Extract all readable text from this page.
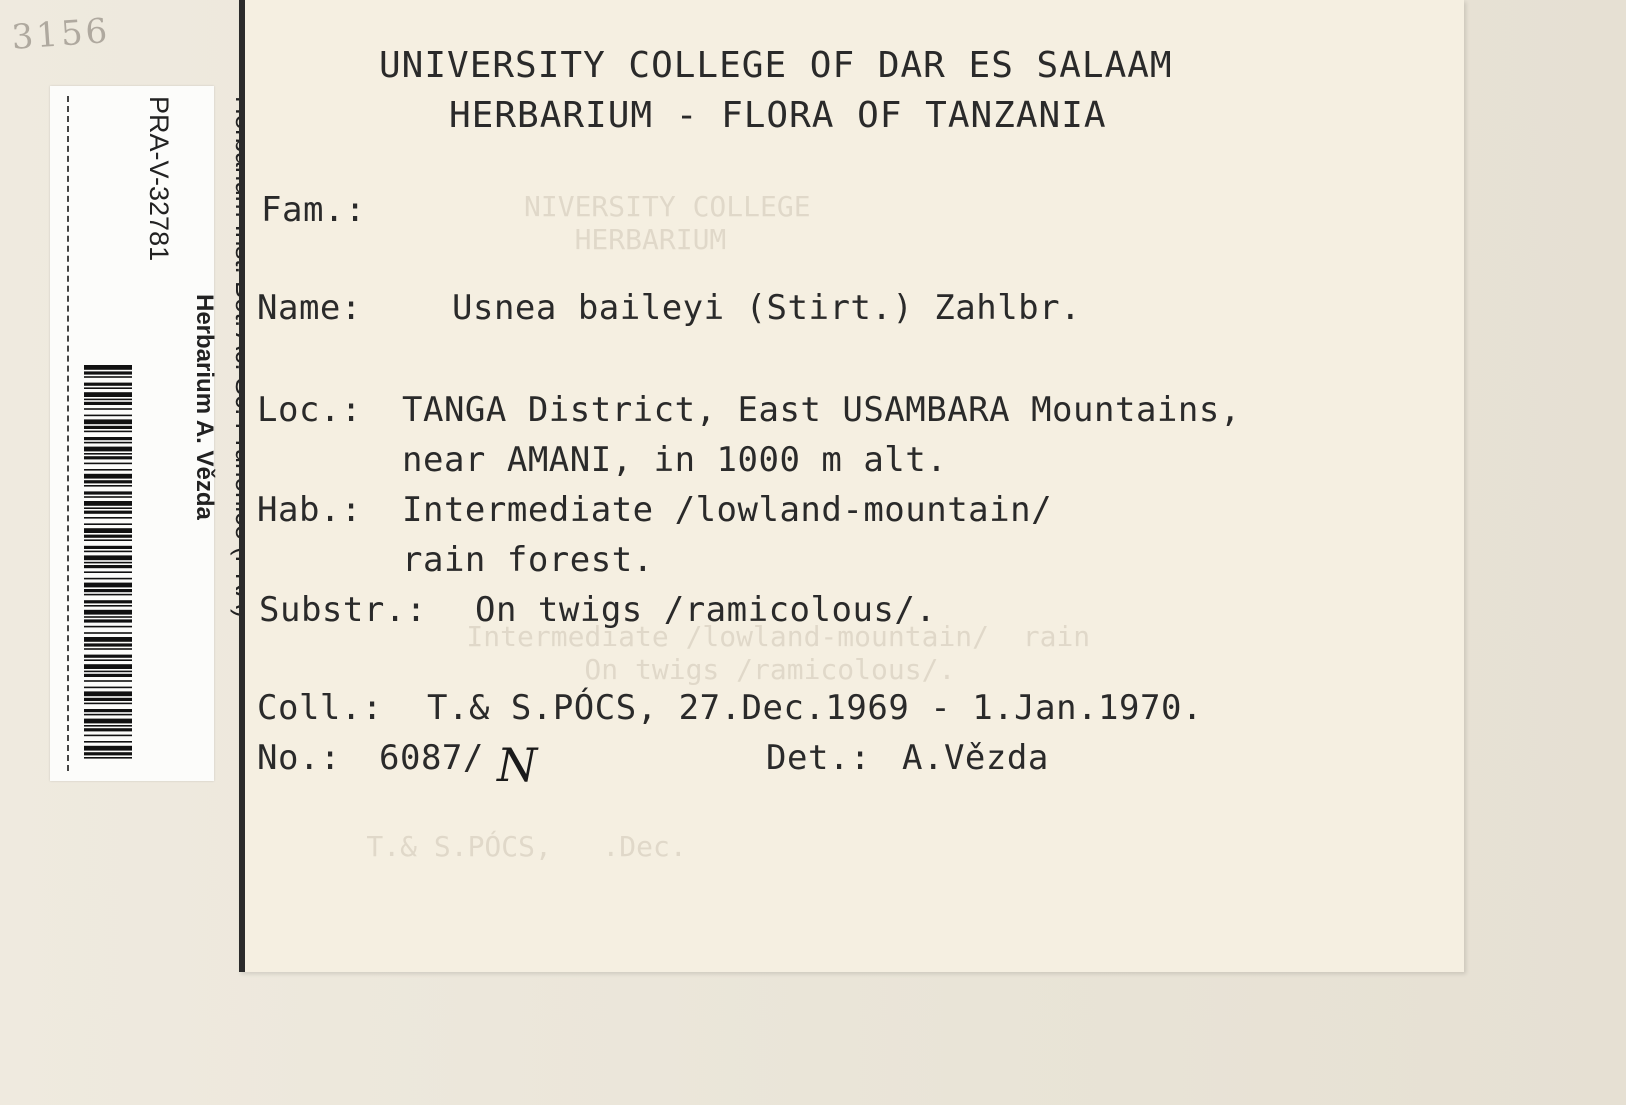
3156
PRA-V-32781
Herbarium A. Vězda
NIVERSITY COLLEGE
HERBARIUM
Intermediate /lowland-mountain/  rain
On twigs /ramicolous/.
T.& S.PÓCS,   .Dec.
UNIVERSITY COLLEGE OF DAR ES SALAAM
HERBARIUM - FLORA OF TANZANIA
Fam.:
Name:	Usnea baileyi (Stirt.) Zahlbr.
Loc.: TANGA District, East USAMBARA Mountains,
near AMANI, in 1000 m alt.
Hab.: Intermediate /lowland-mountain/
rain forest.
Substr.: On twigs /ramicolous/.
Coll.: T.& S.PÓCS, 27.Dec.1969 - 1.Jan.1970.
No.: 6087/ N	Det.: A.Vězda
